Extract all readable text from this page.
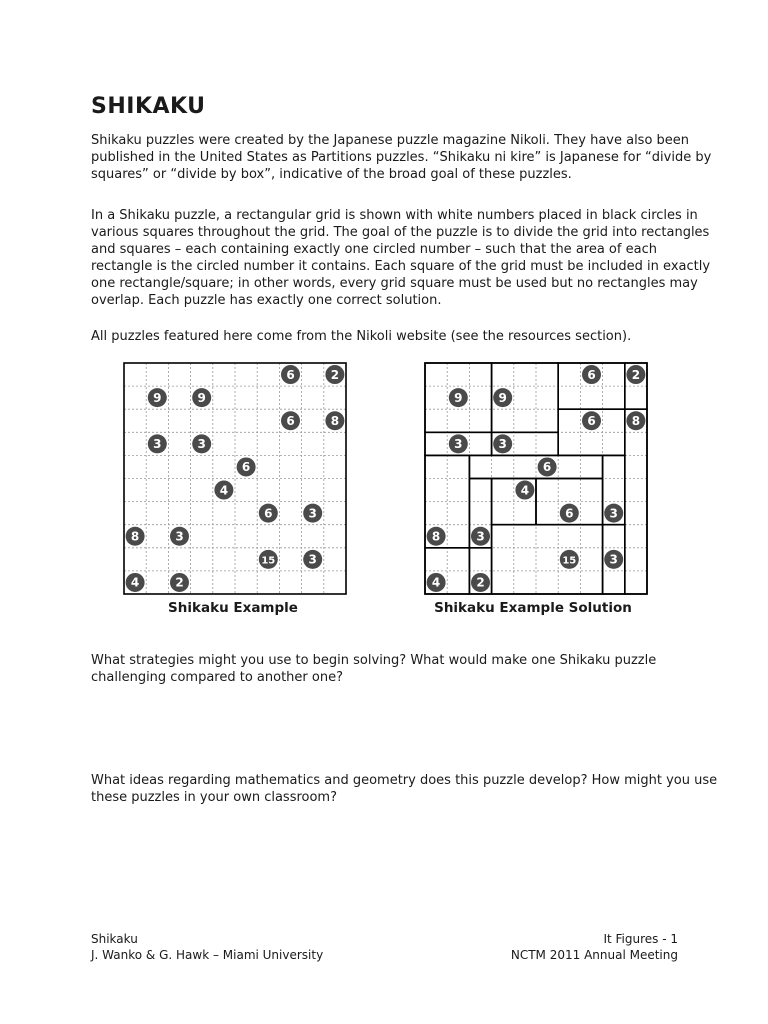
SHIKAKU
Shikaku puzzles were created by the Japanese puzzle magazine Nikoli. They have also been
published in the United States as Partitions puzzles. “Shikaku ni kire” is Japanese for “divide by
squares” or “divide by box”, indicative of the broad goal of these puzzles.
In a Shikaku puzzle, a rectangular grid is shown with white numbers placed in black circles in
various squares throughout the grid. The goal of the puzzle is to divide the grid into rectangles
and squares – each containing exactly one circled number – such that the area of each
rectangle is the circled number it contains. Each square of the grid must be included in exactly
one rectangle/square; in other words, every grid square must be used but no rectangles may
overlap. Each puzzle has exactly one correct solution.
All puzzles featured here come from the Nikoli website (see the resources section).
6	2
9	9
6	8
3	3
6
4
6	3
8	3
15	3
4	2
6	2
9	9
6	8
3	3
6
4
6	3
8	3
15	3
4	2
Shikaku Example	Shikaku Example Solution
What strategies might you use to begin solving? What would make one Shikaku puzzle
challenging compared to another one?
What ideas regarding mathematics and geometry does this puzzle develop? How might you use
these puzzles in your own classroom?
Shikaku
J. Wanko & G. Hawk – Miami University
It Figures - 1
NCTM 2011 Annual Meeting
